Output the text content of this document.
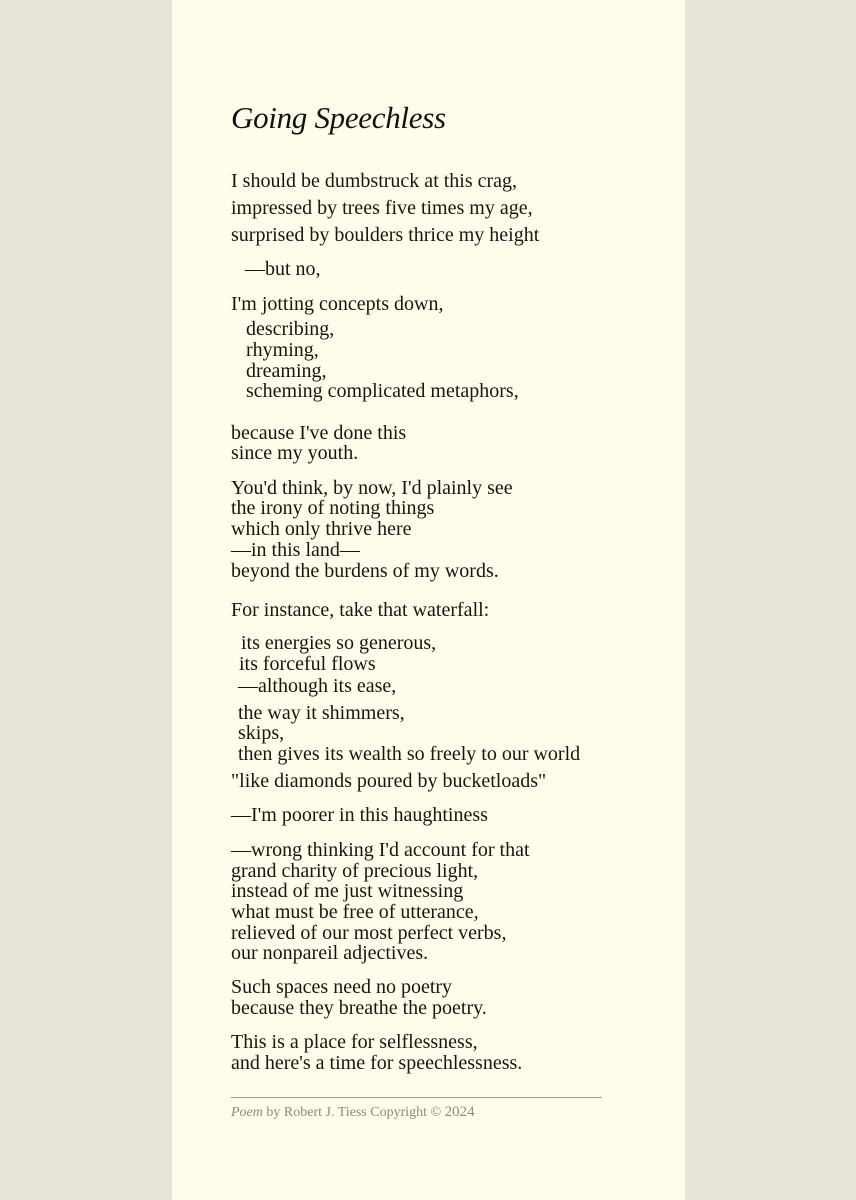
Going Speechless
I should be dumbstruck at this crag,
impressed by trees five times my age,
surprised by boulders thrice my height
—but no,
I'm jotting concepts down,
describing,
rhyming,
dreaming,
scheming complicated metaphors,
because I've done this
since my youth.
You'd think, by now, I'd plainly see
the irony of noting things
which only thrive here
—in this land—
beyond the burdens of my words.
For instance, take that waterfall:
its energies so generous,
its forceful flows
—although its ease,
the way it shimmers,
skips,
then gives its wealth so freely to our world
"like diamonds poured by bucketloads"
—I'm poorer in this haughtiness
—wrong thinking I'd account for that
grand charity of precious light,
instead of me just witnessing
what must be free of utterance,
relieved of our most perfect verbs,
our nonpareil adjectives.
Such spaces need no poetry
because they breathe the poetry.
This is a place for selflessness,
and here's a time for speechlessness.
Poem by Robert J. Tiess Copyright © 2024
